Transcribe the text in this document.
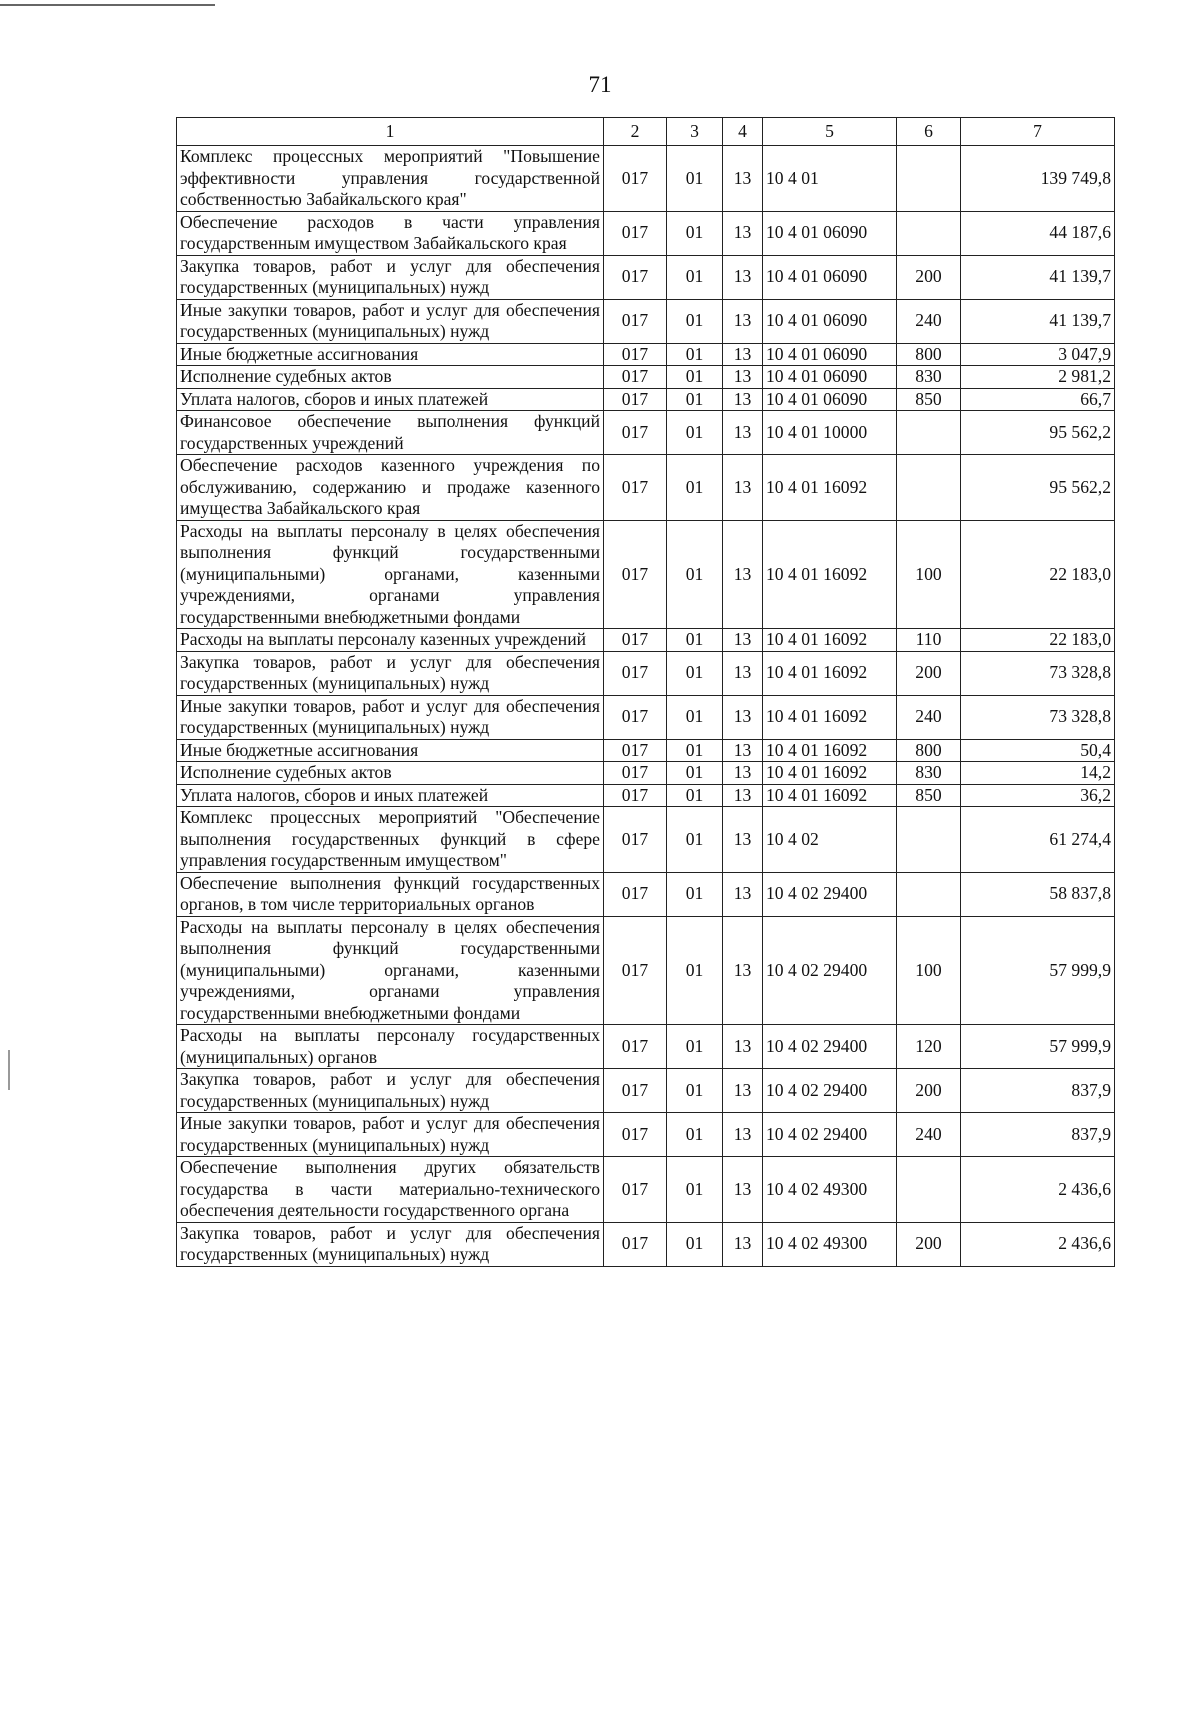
71
1	2	3	4	5	6	7
Комплекс процессных мероприятий "Повышение эффективности управления государственной собственностью Забайкальского края"	017	01	13	10 4 01		139 749,8
Обеспечение расходов в части управления государственным имуществом Забайкальского края	017	01	13	10 4 01 06090		44 187,6
Закупка товаров, работ и услуг для обеспечения государственных (муниципальных) нужд	017	01	13	10 4 01 06090	200	41 139,7
Иные закупки товаров, работ и услуг для обеспечения государственных (муниципальных) нужд	017	01	13	10 4 01 06090	240	41 139,7
Иные бюджетные ассигнования	017	01	13	10 4 01 06090	800	3 047,9
Исполнение судебных актов	017	01	13	10 4 01 06090	830	2 981,2
Уплата налогов, сборов и иных платежей	017	01	13	10 4 01 06090	850	66,7
Финансовое обеспечение выполнения функций государственных учреждений	017	01	13	10 4 01 10000		95 562,2
Обеспечение расходов казенного учреждения по обслуживанию, содержанию и продаже казенного имущества Забайкальского края	017	01	13	10 4 01 16092		95 562,2
Расходы на выплаты персоналу в целях обеспечения выполнения функций государственными (муниципальными) органами, казенными учреждениями, органами управления государственными внебюджетными фондами	017	01	13	10 4 01 16092	100	22 183,0
Расходы на выплаты персоналу казенных учреждений	017	01	13	10 4 01 16092	110	22 183,0
Закупка товаров, работ и услуг для обеспечения государственных (муниципальных) нужд	017	01	13	10 4 01 16092	200	73 328,8
Иные закупки товаров, работ и услуг для обеспечения государственных (муниципальных) нужд	017	01	13	10 4 01 16092	240	73 328,8
Иные бюджетные ассигнования	017	01	13	10 4 01 16092	800	50,4
Исполнение судебных актов	017	01	13	10 4 01 16092	830	14,2
Уплата налогов, сборов и иных платежей	017	01	13	10 4 01 16092	850	36,2
Комплекс процессных мероприятий "Обеспечение выполнения государственных функций в сфере управления государственным имуществом"	017	01	13	10 4 02		61 274,4
Обеспечение выполнения функций государственных органов, в том числе территориальных органов	017	01	13	10 4 02 29400		58 837,8
Расходы на выплаты персоналу в целях обеспечения выполнения функций государственными (муниципальными) органами, казенными учреждениями, органами управления государственными внебюджетными фондами	017	01	13	10 4 02 29400	100	57 999,9
Расходы на выплаты персоналу государственных (муниципальных) органов	017	01	13	10 4 02 29400	120	57 999,9
Закупка товаров, работ и услуг для обеспечения государственных (муниципальных) нужд	017	01	13	10 4 02 29400	200	837,9
Иные закупки товаров, работ и услуг для обеспечения государственных (муниципальных) нужд	017	01	13	10 4 02 29400	240	837,9
Обеспечение выполнения других обязательств государства в части материально-технического обеспечения деятельности государственного органа	017	01	13	10 4 02 49300		2 436,6
Закупка товаров, работ и услуг для обеспечения государственных (муниципальных) нужд	017	01	13	10 4 02 49300	200	2 436,6
